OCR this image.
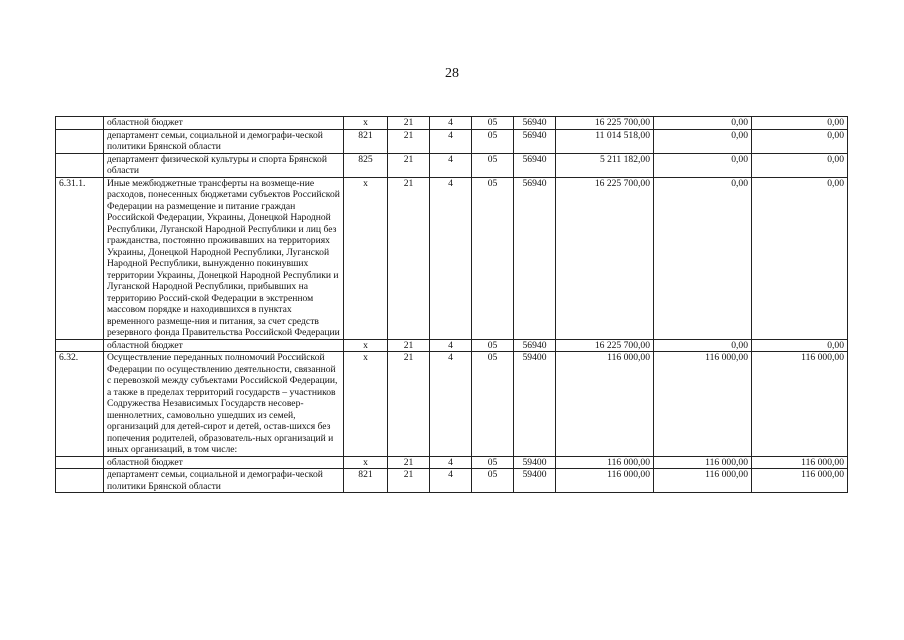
28
	областной бюджет	х	21	4	05	56940	16 225 700,00	0,00	0,00
	департамент семьи, социальной и демографи-ческой политики Брянской области	821	21	4	05	56940	11 014 518,00	0,00	0,00
	департамент физической культуры и спорта Брянской области	825	21	4	05	56940	5 211 182,00	0,00	0,00
6.31.1.	Иные межбюджетные трансферты на возмеще-ние расходов, понесенных бюджетами субъектов Российской Федерации на размещение и питание граждан Российской Федерации, Украины, Донецкой Народной Республики, Луганской Народной Республики и лиц без гражданства, постоянно проживавших на территориях Украины, Донецкой Народной Республики, Луганской Народной Республики, вынужденно покинувших территории Украины, Донецкой Народной Республики и Луганской Народной Республики, прибывших на территорию Россий-ской Федерации в экстренном массовом порядке и находившихся в пунктах временного размеще-ния и питания, за счет средств резервного фонда Правительства Российской Федерации	х	21	4	05	56940	16 225 700,00	0,00	0,00
	областной бюджет	х	21	4	05	56940	16 225 700,00	0,00	0,00
6.32.	Осуществление переданных полномочий Российской Федерации по осуществлению деятельности, связанной с перевозкой между субъектами Российской Федерации, а также в пределах территорий государств – участников Содружества Независимых Государств несовер-шеннолетних, самовольно ушедших из семей, организаций для детей-сирот и детей, остав-шихся без попечения родителей, образователь-ных организаций и иных организаций, в том числе:	х	21	4	05	59400	116 000,00	116 000,00	116 000,00
	областной бюджет	х	21	4	05	59400	116 000,00	116 000,00	116 000,00
	департамент семьи, социальной и демографи-ческой политики Брянской области	821	21	4	05	59400	116 000,00	116 000,00	116 000,00
